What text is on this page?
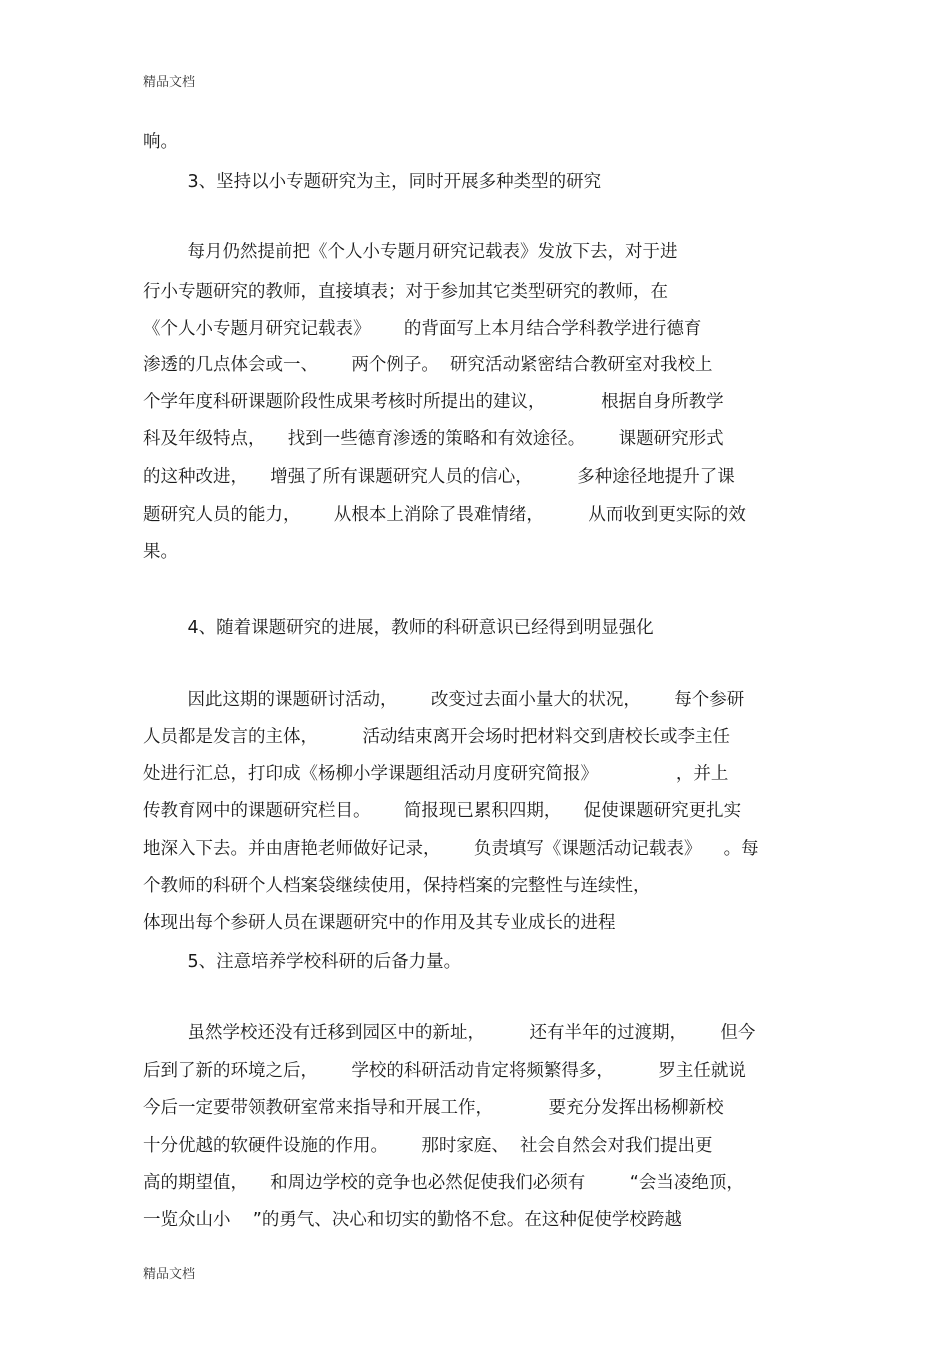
精品文档
响。
3、坚持以小专题研究为主，同时开展多种类型的研究
每月仍然提前把《个人小专题月研究记载表》发放下去，对于进
行小专题研究的教师，直接填表；对于参加其它类型研究的教师，在
《个人小专题月研究记载表》      的背面写上本月结合学科教学进行德育
渗透的几点体会或一、      两个例子。  研究活动紧密结合教研室对我校上
个学年度科研课题阶段性成果考核时所提出的建议，          根据自身所教学
科及年级特点，    找到一些德育渗透的策略和有效途径。      课题研究形式
的这种改进，    增强了所有课题研究人员的信心，        多种途径地提升了课
题研究人员的能力，      从根本上消除了畏难情绪，        从而收到更实际的效
果。
4、随着课题研究的进展，教师的科研意识已经得到明显强化
因此这期的课题研讨活动，      改变过去面小量大的状况，      每个参研
人员都是发言的主体，        活动结束离开会场时把材料交到唐校长或李主任
处进行汇总，打印成《杨柳小学课题组活动月度研究简报》              ，并上
传教育网中的课题研究栏目。      简报现已累积四期，    促使课题研究更扎实
地深入下去。并由唐艳老师做好记录，      负责填写《课题活动记载表》    。每
个教师的科研个人档案袋继续使用，保持档案的完整性与连续性，
体现出每个参研人员在课题研究中的作用及其专业成长的进程
5、注意培养学校科研的后备力量。
虽然学校还没有迁移到园区中的新址，        还有半年的过渡期，      但今
后到了新的环境之后，      学校的科研活动肯定将频繁得多，        罗主任就说
今后一定要带领教研室常来指导和开展工作，          要充分发挥出杨柳新校
十分优越的软硬件设施的作用。      那时家庭、  社会自然会对我们提出更
高的期望值，    和周边学校的竞争也必然促使我们必须有        “会当凌绝顶，
一览众山小    ”的勇气、决心和切实的勤恪不怠。在这种促使学校跨越
精品文档
